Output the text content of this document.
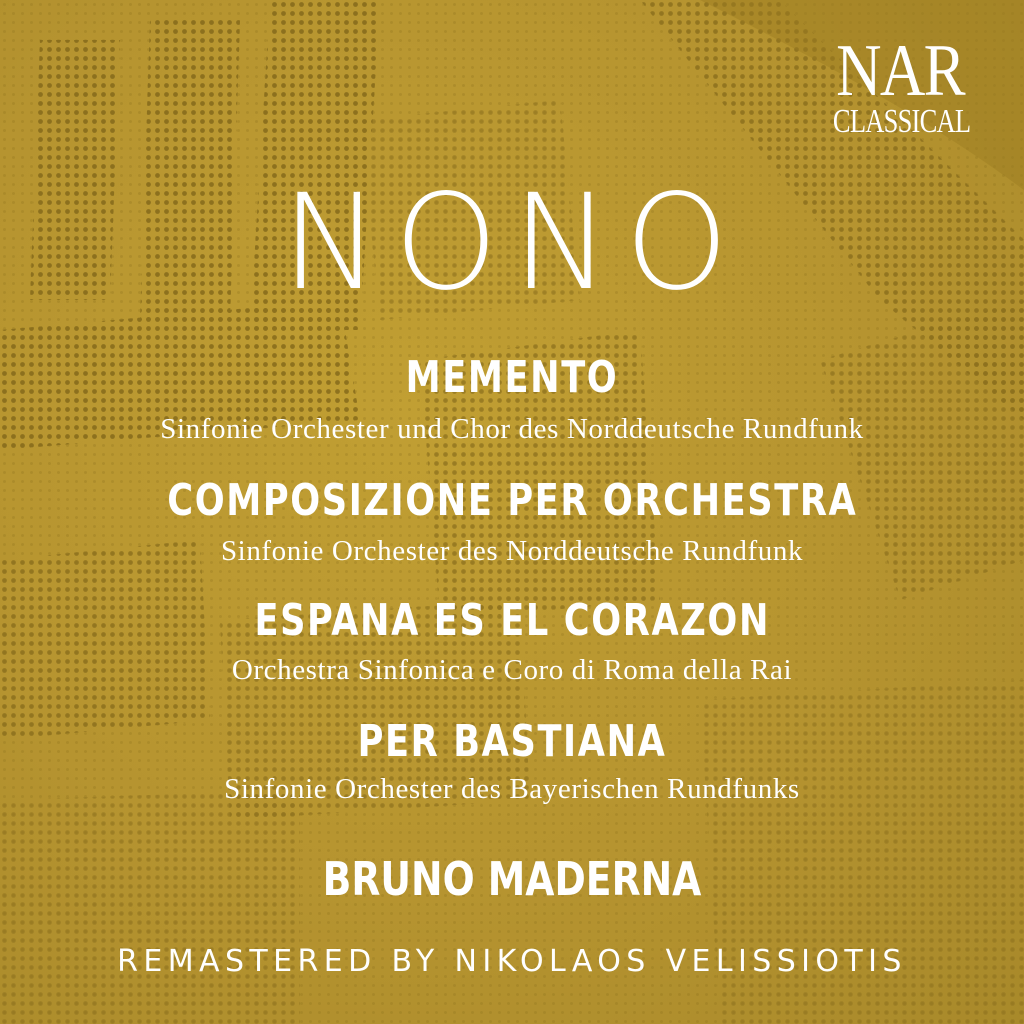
NAR
CLASSICAL
NONO
MEMENTO
Sinfonie Orchester und Chor des Norddeutsche Rundfunk
COMPOSIZIONE PER ORCHESTRA
Sinfonie Orchester des Norddeutsche Rundfunk
ESPANA ES EL CORAZON
Orchestra Sinfonica e Coro di Roma della Rai
PER BASTIANA
Sinfonie Orchester des Bayerischen Rundfunks
BRUNO MADERNA
REMASTERED BY NIKOLAOS VELISSIOTIS
